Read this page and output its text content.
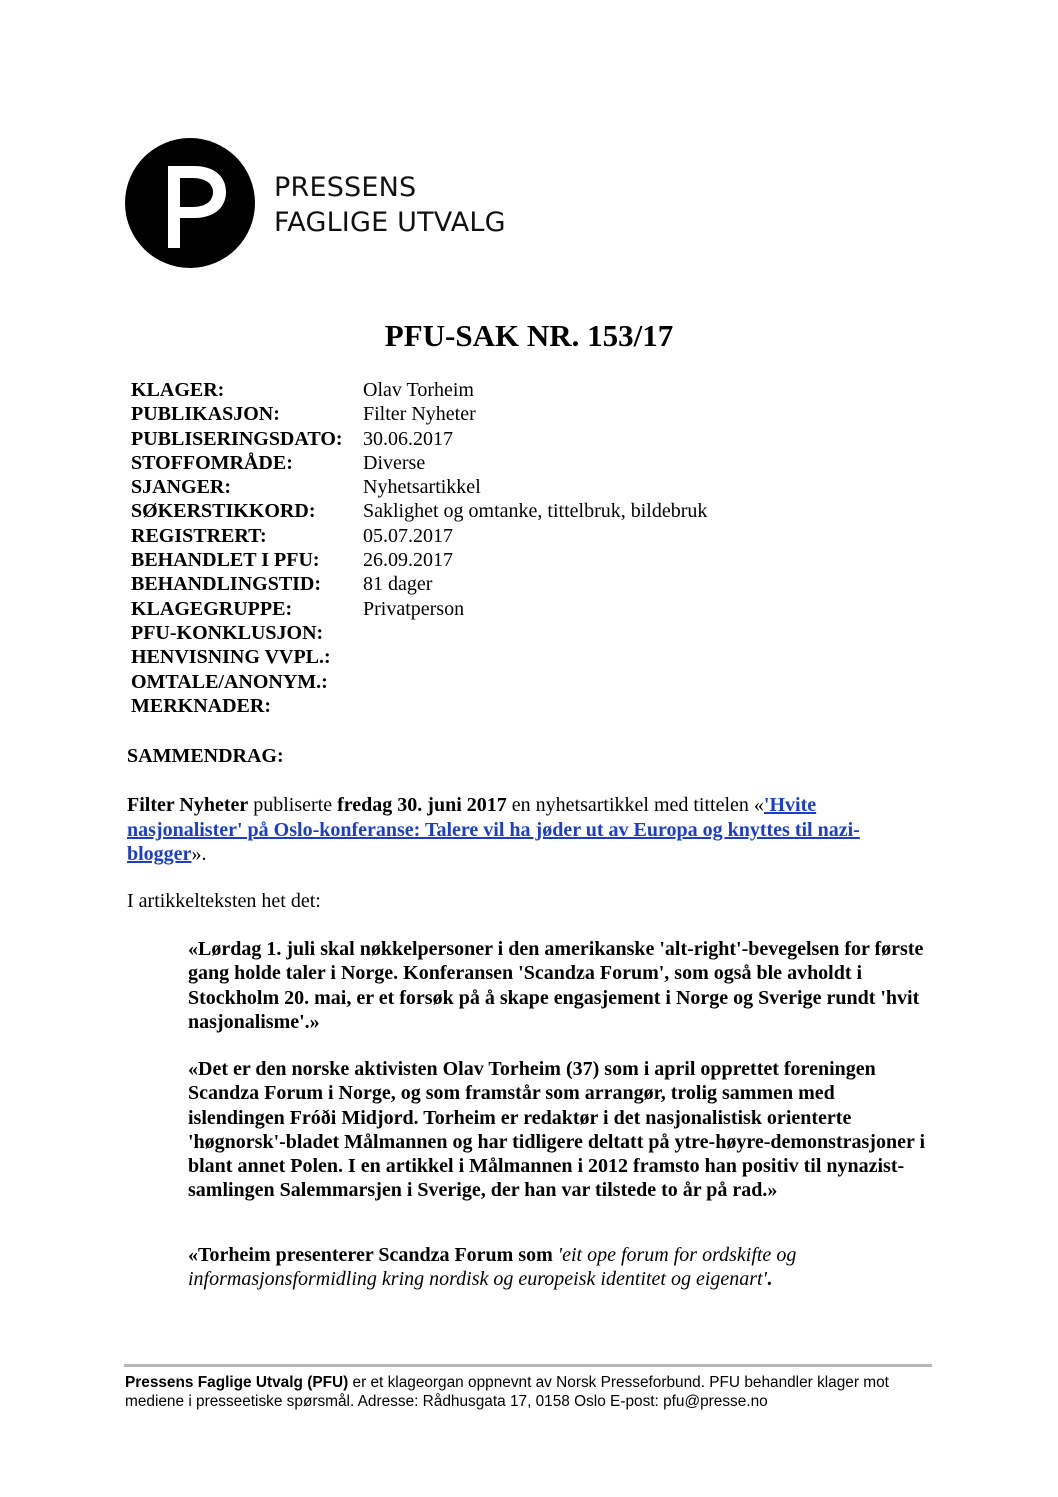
PRESSENS
FAGLIGE UTVALG
PFU-SAK NR. 153/17
KLAGER:	Olav Torheim
PUBLIKASJON:	Filter Nyheter
PUBLISERINGSDATO:	30.06.2017
STOFFOMRÅDE:	Diverse
SJANGER:	Nyhetsartikkel
SØKERSTIKKORD:	Saklighet og omtanke, tittelbruk, bildebruk
REGISTRERT:	05.07.2017
BEHANDLET I PFU:	26.09.2017
BEHANDLINGSTID:	81 dager
KLAGEGRUPPE:	Privatperson
PFU-KONKLUSJON:
HENVISNING VVPL.:
OMTALE/ANONYM.:
MERKNADER:
SAMMENDRAG:
Filter Nyheter publiserte fredag 30. juni 2017 en nyhetsartikkel med tittelen «'Hvite nasjonalister' på Oslo-konferanse: Talere vil ha jøder ut av Europa og knyttes til nazi-blogger».
I artikkelteksten het det:
«Lørdag 1. juli skal nøkkelpersoner i den amerikanske 'alt-right'-bevegelsen for første gang holde taler i Norge. Konferansen 'Scandza Forum', som også ble avholdt i Stockholm 20. mai, er et forsøk på å skape engasjement i Norge og Sverige rundt 'hvit nasjonalisme'.»
«Det er den norske aktivisten Olav Torheim (37) som i april opprettet foreningen Scandza Forum i Norge, og som framstår som arrangør, trolig sammen med islendingen Fróði Midjord. Torheim er redaktør i det nasjonalistisk orienterte 'høgnorsk'-bladet Målmannen og har tidligere deltatt på ytre-høyre-demonstrasjoner i blant annet Polen. I en artikkel i Målmannen i 2012 framsto han positiv til nynazist-samlingen Salemmarsjen i Sverige, der han var tilstede to år på rad.»
«Torheim presenterer Scandza Forum som 'eit ope forum for ordskifte og informasjonsformidling kring nordisk og europeisk identitet og eigenart'.
Pressens Faglige Utvalg (PFU) er et klageorgan oppnevnt av Norsk Presseforbund. PFU behandler klager mot mediene i presseetiske spørsmål. Adresse: Rådhusgata 17, 0158 Oslo E-post: pfu@presse.no
